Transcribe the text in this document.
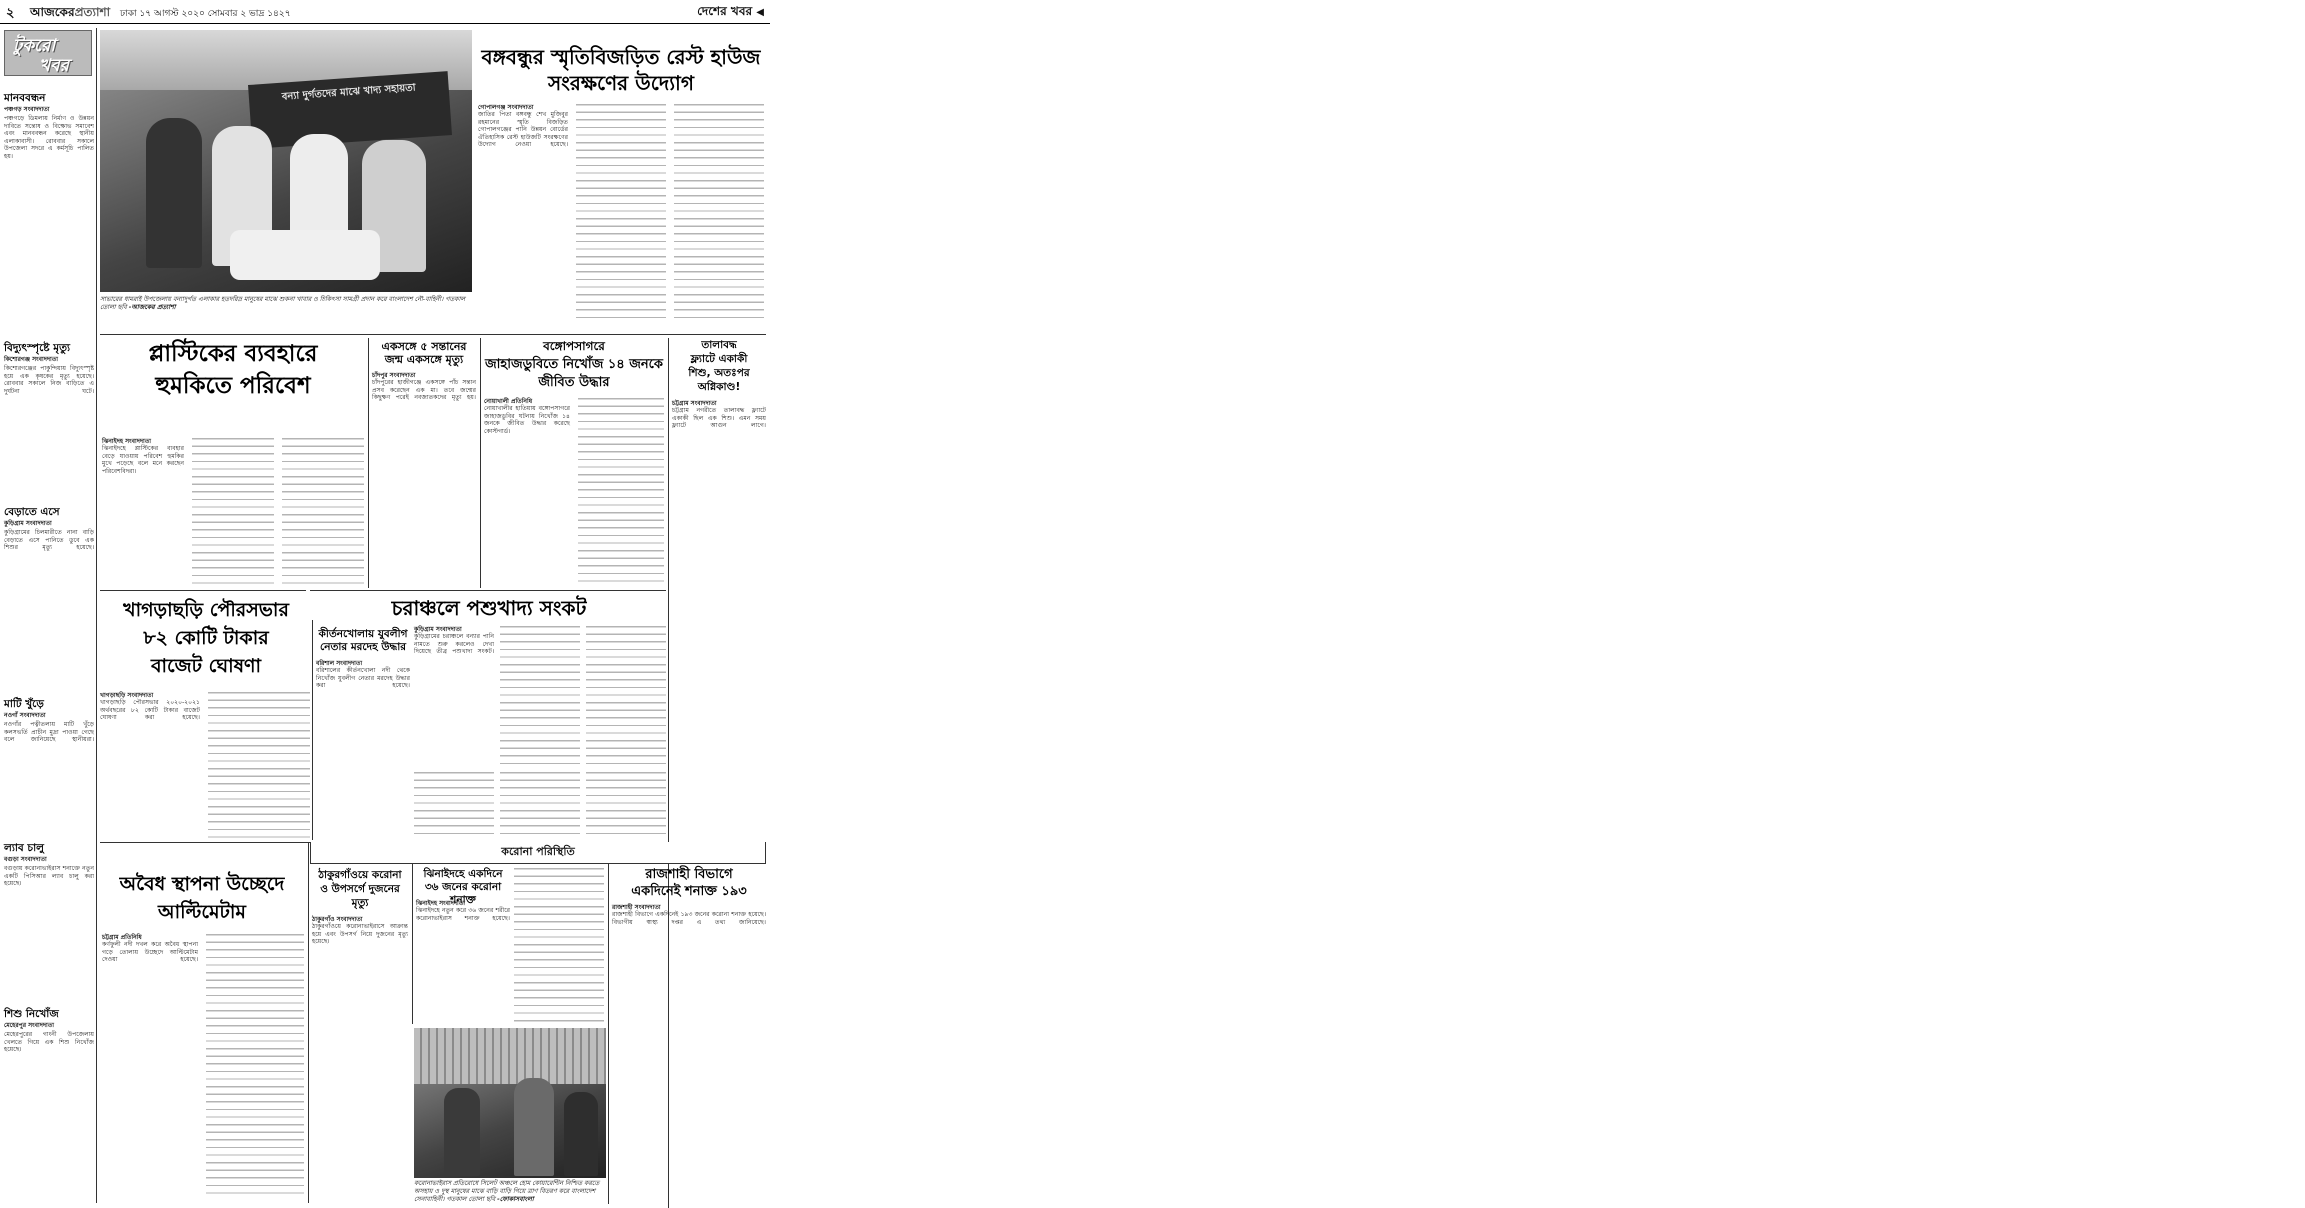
২ আজকেরপ্রত্যাশা ঢাকা ১৭ আগস্ট ২০২০ সোমবার ২ ভাদ্র ১৪২৭	দেশের খবর ◀
টুকরো
খবর
মানববন্ধন
পঞ্চগড় সংবাদদাতা
পঞ্চগড়ে ডিমলায় নির্মাণ ও উন্নয়ন দাবিতে সন্তোষ ও বিক্ষোভ সমাবেশ এবং মানববন্ধন করেছে স্থানীয় এলাকাবাসী। রোববার সকালে উপজেলা সদরে এ কর্মসূচি পালিত হয়। ▪▪▪▪▪▪▪▪▪▪▪▪▪▪▪▪▪▪▪▪▪▪▪▪▪▪▪▪▪▪▪▪▪▪▪▪▪▪▪▪▪▪▪▪▪▪▪▪▪▪▪▪▪▪▪▪▪▪▪▪▪▪▪▪▪▪▪▪▪▪▪▪▪▪▪▪▪▪▪▪▪▪▪▪▪▪▪▪▪▪▪▪▪▪▪▪▪▪▪▪▪▪▪▪▪▪▪▪▪▪▪▪▪▪▪▪▪▪▪▪▪▪▪▪▪▪▪▪▪▪▪▪▪▪▪▪▪▪▪▪▪▪▪▪▪▪▪▪▪▪▪▪▪▪▪▪▪▪▪▪▪▪▪▪▪▪▪▪▪▪▪▪▪▪▪▪▪▪▪▪▪▪▪▪▪▪▪▪▪▪▪▪▪▪▪▪▪▪▪▪▪▪▪▪▪▪▪▪▪▪▪▪▪▪▪▪▪▪▪▪▪▪▪▪▪▪▪▪▪
বিদ্যুৎস্পৃষ্টে মৃত্যু
কিশোরগঞ্জ সংবাদদাতা
কিশোরগঞ্জের পাকুন্দিয়ায় বিদ্যুৎস্পৃষ্ট হয়ে এক কৃষকের মৃত্যু হয়েছে। রোববার সকালে নিজ বাড়িতে এ দুর্ঘটনা ঘটে। ▪▪▪▪▪▪▪▪▪▪▪▪▪▪▪▪▪▪▪▪▪▪▪▪▪▪▪▪▪▪▪▪▪▪▪▪▪▪▪▪▪▪▪▪▪▪▪▪▪▪▪▪▪▪▪▪▪▪▪▪▪▪▪▪▪▪▪▪▪▪▪▪▪▪▪▪▪▪▪▪▪▪▪▪▪▪▪▪▪▪▪▪▪▪▪▪▪▪▪▪▪▪▪▪▪▪▪▪▪▪▪▪▪▪▪▪▪▪▪▪▪▪▪▪▪▪▪▪▪▪▪▪▪▪▪▪▪▪▪▪▪▪▪▪▪▪▪▪▪▪▪▪▪▪▪▪▪▪▪▪▪▪▪▪▪▪▪▪▪▪▪▪▪▪▪▪▪▪▪▪▪▪▪▪▪▪▪▪▪▪▪▪▪▪▪▪▪▪▪▪▪▪▪▪▪▪▪▪▪▪▪▪▪▪▪▪▪▪▪▪▪▪▪▪▪▪▪▪▪
বেড়াতে এসে
কুড়িগ্রাম সংবাদদাতা
কুড়িগ্রামের চিলমারীতে নানা বাড়ি বেড়াতে এসে পানিতে ডুবে এক শিশুর মৃত্যু হয়েছে। ▪▪▪▪▪▪▪▪▪▪▪▪▪▪▪▪▪▪▪▪▪▪▪▪▪▪▪▪▪▪▪▪▪▪▪▪▪▪▪▪▪▪▪▪▪▪▪▪▪▪▪▪▪▪▪▪▪▪▪▪▪▪▪▪▪▪▪▪▪▪▪▪▪▪▪▪▪▪▪▪▪▪▪▪▪▪▪▪▪▪▪▪▪▪▪▪▪▪▪▪▪▪▪▪▪▪▪▪▪▪▪▪▪▪▪▪▪▪▪▪▪▪▪▪▪▪▪▪▪▪▪▪▪▪▪▪▪▪▪▪▪▪▪▪▪▪▪▪▪▪▪▪▪▪▪▪▪▪▪▪▪▪▪▪▪▪▪▪▪▪▪▪▪▪▪▪▪▪▪▪▪▪▪▪▪▪▪▪▪▪▪▪▪▪▪▪▪▪▪▪▪▪▪▪▪▪▪▪▪▪▪▪▪▪▪▪▪▪▪▪▪▪▪▪▪▪▪▪▪
মাটি খুঁড়ে
নওগাঁ সংবাদদাতা
নওগাঁর পত্নীতলায় মাটি খুঁড়ে কলসভর্তি প্রাচীন মুদ্রা পাওয়া গেছে বলে জানিয়েছে স্থানীয়রা। ▪▪▪▪▪▪▪▪▪▪▪▪▪▪▪▪▪▪▪▪▪▪▪▪▪▪▪▪▪▪▪▪▪▪▪▪▪▪▪▪▪▪▪▪▪▪▪▪▪▪▪▪▪▪▪▪▪▪▪▪▪▪▪▪▪▪▪▪▪▪▪▪▪▪▪▪▪▪▪▪▪▪▪▪▪▪▪▪▪▪▪▪▪▪▪▪▪▪▪▪▪▪▪▪▪▪▪▪▪▪▪▪▪▪▪▪▪▪▪▪▪▪▪▪▪▪▪▪▪▪▪▪▪▪▪▪▪▪▪▪▪▪▪▪▪▪▪▪▪▪▪▪▪▪▪▪▪▪▪▪▪▪▪▪▪▪▪▪▪▪▪▪▪▪▪▪▪▪▪▪▪▪▪▪▪▪▪▪▪▪▪▪▪▪▪▪▪▪▪▪▪▪▪▪▪▪▪▪▪▪▪▪▪▪▪▪▪▪▪▪▪▪▪▪▪▪▪▪▪
ল্যাব চালু
বগুড়া সংবাদদাতা
বগুড়ায় করোনাভাইরাস শনাক্তে নতুন একটি পিসিআর ল্যাব চালু করা হয়েছে। ▪▪▪▪▪▪▪▪▪▪▪▪▪▪▪▪▪▪▪▪▪▪▪▪▪▪▪▪▪▪▪▪▪▪▪▪▪▪▪▪▪▪▪▪▪▪▪▪▪▪▪▪▪▪▪▪▪▪▪▪▪▪▪▪▪▪▪▪▪▪▪▪▪▪▪▪▪▪▪▪▪▪▪▪▪▪▪▪▪▪▪▪▪▪▪▪▪▪▪▪▪▪▪▪▪▪▪▪▪▪▪▪▪▪▪▪▪▪▪▪▪▪▪▪▪▪▪▪▪▪▪▪▪▪▪▪▪▪▪▪▪▪▪▪▪▪▪▪▪▪▪▪▪▪▪▪▪▪▪▪▪▪▪▪▪▪▪▪▪▪▪▪▪▪▪▪▪▪▪▪▪▪▪▪▪▪▪▪▪▪▪▪▪▪▪▪▪▪▪▪▪▪▪▪▪▪▪▪▪▪▪▪▪▪▪▪▪▪▪▪▪▪▪▪▪▪▪▪▪
শিশু নিখোঁজ
মেহেরপুর সংবাদদাতা
মেহেরপুরের গাংনী উপজেলায় খেলতে গিয়ে এক শিশু নিখোঁজ হয়েছে। ▪▪▪▪▪▪▪▪▪▪▪▪▪▪▪▪▪▪▪▪▪▪▪▪▪▪▪▪▪▪▪▪▪▪▪▪▪▪▪▪▪▪▪▪▪▪▪▪▪▪▪▪▪▪▪▪▪▪▪▪▪▪▪▪▪▪▪▪▪▪▪▪▪▪▪▪▪▪▪▪▪▪▪▪▪▪▪▪▪▪▪▪▪▪▪▪▪▪▪▪▪▪▪▪▪▪▪▪▪▪▪▪▪▪▪▪▪▪▪▪▪▪▪▪▪▪▪▪▪▪▪▪▪▪▪▪▪▪▪▪▪▪▪▪▪▪▪▪▪▪▪▪▪▪▪▪▪▪▪▪▪▪▪▪▪▪▪▪▪▪▪▪▪▪▪▪▪▪▪▪▪▪▪▪▪▪▪▪▪▪▪▪▪▪▪▪▪▪▪▪▪▪▪▪▪▪▪▪▪▪▪▪▪▪▪▪▪▪▪▪▪▪▪▪▪▪▪▪▪
বন্যা দুর্গতদের মাঝে খাদ্য সহায়তা
সাভারের ধামরাই উপজেলায় বন্যাদুর্গত এলাকার হতদরিদ্র মানুষের মাঝে শুকনা খাবার ও চিকিৎসা সামগ্রী প্রদান করে বাংলাদেশ নৌ-বাহিনী। গতকাল তোলা ছবি -আজকের প্রত্যাশা
বঙ্গবন্ধুর স্মৃতিবিজড়িত রেস্ট হাউজ সংরক্ষণের উদ্যোগ
গোপালগঞ্জ সংবাদদাতা
জাতির পিতা বঙ্গবন্ধু শেখ মুজিবুর রহমানের স্মৃতি বিজড়িত গোপালগঞ্জের পানি উন্নয়ন বোর্ডের ঐতিহাসিক রেস্ট হাউজটি সংরক্ষণের উদ্যোগ নেওয়া হয়েছে। ▪▪▪▪▪▪▪▪▪▪▪▪▪▪▪▪▪▪▪▪▪▪▪▪▪▪▪▪▪▪▪▪▪▪▪▪▪▪▪▪▪▪▪▪▪▪▪▪▪▪▪▪▪▪▪▪▪▪▪▪▪▪▪▪▪▪▪▪▪▪▪▪▪▪▪▪▪▪▪▪▪▪▪▪▪▪▪▪▪▪▪▪▪▪▪▪▪▪▪▪▪▪▪▪▪▪▪▪▪▪▪▪▪▪▪▪▪▪▪▪▪▪▪▪▪▪▪▪▪▪▪▪▪▪▪▪▪▪▪▪▪▪▪▪▪▪▪▪▪▪▪▪▪▪▪▪▪▪▪▪▪▪▪▪▪▪▪▪▪▪▪▪▪▪▪▪▪▪▪▪▪▪▪▪▪▪▪▪▪▪▪▪▪▪▪▪▪▪▪▪▪▪▪▪▪▪▪▪▪▪▪▪▪▪▪▪▪▪▪▪▪▪▪▪▪▪▪▪▪
প্লাস্টিকের ব্যবহারে
হুমকিতে পরিবেশ
ঝিনাইদহ সংবাদদাতা
ঝিনাইদহে প্লাস্টিকের ব্যবহার বেড়ে যাওয়ায় পরিবেশ হুমকির মুখে পড়েছে বলে মনে করছেন পরিবেশবিদরা। ▪▪▪▪▪▪▪▪▪▪▪▪▪▪▪▪▪▪▪▪▪▪▪▪▪▪▪▪▪▪▪▪▪▪▪▪▪▪▪▪▪▪▪▪▪▪▪▪▪▪▪▪▪▪▪▪▪▪▪▪▪▪▪▪▪▪▪▪▪▪▪▪▪▪▪▪▪▪▪▪▪▪▪▪▪▪▪▪▪▪▪▪▪▪▪▪▪▪▪▪▪▪▪▪▪▪▪▪▪▪▪▪▪▪▪▪▪▪▪▪▪▪▪▪▪▪▪▪▪▪▪▪▪▪▪▪▪▪▪▪▪▪▪▪▪▪▪▪▪▪▪▪▪▪▪▪▪▪▪▪▪▪▪▪▪▪▪▪▪▪▪▪▪▪▪▪▪▪▪▪▪▪▪▪▪▪▪▪▪▪▪▪▪▪▪▪▪▪▪▪▪▪▪▪▪▪▪▪▪▪▪▪▪▪▪▪▪▪▪▪▪▪▪▪▪▪▪▪▪
একসঙ্গে ৫ সন্তানের জন্ম একসঙ্গে মৃত্যু
চাঁদপুর সংবাদদাতা
চাঁদপুরের হাজীগঞ্জে একসঙ্গে পাঁচ সন্তান প্রসব করেছেন এক মা। তবে জন্মের কিছুক্ষণ পরেই নবজাতকদের মৃত্যু হয়। ▪▪▪▪▪▪▪▪▪▪▪▪▪▪▪▪▪▪▪▪▪▪▪▪▪▪▪▪▪▪▪▪▪▪▪▪▪▪▪▪▪▪▪▪▪▪▪▪▪▪▪▪▪▪▪▪▪▪▪▪▪▪▪▪▪▪▪▪▪▪▪▪▪▪▪▪▪▪▪▪▪▪▪▪▪▪▪▪▪▪▪▪▪▪▪▪▪▪▪▪▪▪▪▪▪▪▪▪▪▪▪▪▪▪▪▪▪▪▪▪▪▪▪▪▪▪▪▪▪▪▪▪▪▪▪▪▪▪▪▪▪▪▪▪▪▪▪▪▪▪▪▪▪▪▪▪▪▪▪▪▪▪▪▪▪▪▪▪▪▪▪▪▪▪▪▪▪▪▪▪▪▪▪▪▪▪▪▪▪▪▪▪▪▪▪▪▪▪▪▪▪▪▪▪▪▪▪▪▪▪▪▪▪▪▪▪▪▪▪▪▪▪▪▪▪▪▪▪▪
বঙ্গোপসাগরে
জাহাজডুবিতে নিখোঁজ ১৪ জনকে জীবিত উদ্ধার
নোয়াখালী প্রতিনিধি
নোয়াখালীর হাতিয়ায় বঙ্গোপসাগরে জাহাজডুবির ঘটনায় নিখোঁজ ১৪ জনকে জীবিত উদ্ধার করেছে কোস্টগার্ড। ▪▪▪▪▪▪▪▪▪▪▪▪▪▪▪▪▪▪▪▪▪▪▪▪▪▪▪▪▪▪▪▪▪▪▪▪▪▪▪▪▪▪▪▪▪▪▪▪▪▪▪▪▪▪▪▪▪▪▪▪▪▪▪▪▪▪▪▪▪▪▪▪▪▪▪▪▪▪▪▪▪▪▪▪▪▪▪▪▪▪▪▪▪▪▪▪▪▪▪▪▪▪▪▪▪▪▪▪▪▪▪▪▪▪▪▪▪▪▪▪▪▪▪▪▪▪▪▪▪▪▪▪▪▪▪▪▪▪▪▪▪▪▪▪▪▪▪▪▪▪▪▪▪▪▪▪▪▪▪▪▪▪▪▪▪▪▪▪▪▪▪▪▪▪▪▪▪▪▪▪▪▪▪▪▪▪▪▪▪▪▪▪▪▪▪▪▪▪▪▪▪▪▪▪▪▪▪▪▪▪▪▪▪▪▪▪▪▪▪▪▪▪▪▪▪▪▪▪▪
তালাবদ্ধ
ফ্ল্যাটে একাকী
শিশু, অতঃপর
অগ্নিকাণ্ড!
চট্টগ্রাম সংবাদদাতা
চট্টগ্রাম নগরীতে তালাবদ্ধ ফ্ল্যাটে একাকী ছিল এক শিশু। এমন সময় ফ্ল্যাটে আগুন লাগে। ▪▪▪▪▪▪▪▪▪▪▪▪▪▪▪▪▪▪▪▪▪▪▪▪▪▪▪▪▪▪▪▪▪▪▪▪▪▪▪▪▪▪▪▪▪▪▪▪▪▪▪▪▪▪▪▪▪▪▪▪▪▪▪▪▪▪▪▪▪▪▪▪▪▪▪▪▪▪▪▪▪▪▪▪▪▪▪▪▪▪▪▪▪▪▪▪▪▪▪▪▪▪▪▪▪▪▪▪▪▪▪▪▪▪▪▪▪▪▪▪▪▪▪▪▪▪▪▪▪▪▪▪▪▪▪▪▪▪▪▪▪▪▪▪▪▪▪▪▪▪▪▪▪▪▪▪▪▪▪▪▪▪▪▪▪▪▪▪▪▪▪▪▪▪▪▪▪▪▪▪▪▪▪▪▪▪▪▪▪▪▪▪▪▪▪▪▪▪▪▪▪▪▪▪▪▪▪▪▪▪▪▪▪▪▪▪▪▪▪▪▪▪▪▪▪▪▪▪▪
চরাঞ্চলে পশুখাদ্য সংকট
কুড়িগ্রাম সংবাদদাতা
কুড়িগ্রামের চরাঞ্চলে বন্যার পানি নামতে শুরু করলেও দেখা দিয়েছে তীব্র পশুখাদ্য সংকট। ▪▪▪▪▪▪▪▪▪▪▪▪▪▪▪▪▪▪▪▪▪▪▪▪▪▪▪▪▪▪▪▪▪▪▪▪▪▪▪▪▪▪▪▪▪▪▪▪▪▪▪▪▪▪▪▪▪▪▪▪▪▪▪▪▪▪▪▪▪▪▪▪▪▪▪▪▪▪▪▪▪▪▪▪▪▪▪▪▪▪▪▪▪▪▪▪▪▪▪▪▪▪▪▪▪▪▪▪▪▪▪▪▪▪▪▪▪▪▪▪▪▪▪▪▪▪▪▪▪▪▪▪▪▪▪▪▪▪▪▪▪▪▪▪▪▪▪▪▪▪▪▪▪▪▪▪▪▪▪▪▪▪▪▪▪▪▪▪▪▪▪▪▪▪▪▪▪▪▪▪▪▪▪▪▪▪▪▪▪▪▪▪▪▪▪▪▪▪▪▪▪▪▪▪▪▪▪▪▪▪▪▪▪▪▪▪▪▪▪▪▪▪▪▪▪▪▪▪▪
খাগড়াছড়ি পৌরসভার
৮২ কোটি টাকার
বাজেট ঘোষণা
খাগড়াছড়ি সংবাদদাতা
খাগড়াছড়ি পৌরসভার ২০২০-২০২১ অর্থবছরের ৮২ কোটি টাকার বাজেট ঘোষণা করা হয়েছে। ▪▪▪▪▪▪▪▪▪▪▪▪▪▪▪▪▪▪▪▪▪▪▪▪▪▪▪▪▪▪▪▪▪▪▪▪▪▪▪▪▪▪▪▪▪▪▪▪▪▪▪▪▪▪▪▪▪▪▪▪▪▪▪▪▪▪▪▪▪▪▪▪▪▪▪▪▪▪▪▪▪▪▪▪▪▪▪▪▪▪▪▪▪▪▪▪▪▪▪▪▪▪▪▪▪▪▪▪▪▪▪▪▪▪▪▪▪▪▪▪▪▪▪▪▪▪▪▪▪▪▪▪▪▪▪▪▪▪▪▪▪▪▪▪▪▪▪▪▪▪▪▪▪▪▪▪▪▪▪▪▪▪▪▪▪▪▪▪▪▪▪▪▪▪▪▪▪▪▪▪▪▪▪▪▪▪▪▪▪▪▪▪▪▪▪▪▪▪▪▪▪▪▪▪▪▪▪▪▪▪▪▪▪▪▪▪▪▪▪▪▪▪▪▪▪▪▪▪▪
কীর্তনখোলায় যুবলীগ নেতার মরদেহ উদ্ধার
বরিশাল সংবাদদাতা
বরিশালের কীর্তনখোলা নদী থেকে নিখোঁজ যুবলীগ নেতার মরদেহ উদ্ধার করা হয়েছে। ▪▪▪▪▪▪▪▪▪▪▪▪▪▪▪▪▪▪▪▪▪▪▪▪▪▪▪▪▪▪▪▪▪▪▪▪▪▪▪▪▪▪▪▪▪▪▪▪▪▪▪▪▪▪▪▪▪▪▪▪▪▪▪▪▪▪▪▪▪▪▪▪▪▪▪▪▪▪▪▪▪▪▪▪▪▪▪▪▪▪▪▪▪▪▪▪▪▪▪▪▪▪▪▪▪▪▪▪▪▪▪▪▪▪▪▪▪▪▪▪▪▪▪▪▪▪▪▪▪▪▪▪▪▪▪▪▪▪▪▪▪▪▪▪▪▪▪▪▪▪▪▪▪▪▪▪▪▪▪▪▪▪▪▪▪▪▪▪▪▪▪▪▪▪▪▪▪▪▪▪▪▪▪▪▪▪▪▪▪▪▪▪▪▪▪▪▪▪▪▪▪▪▪▪▪▪▪▪▪▪▪▪▪▪▪▪▪▪▪▪▪▪▪▪▪▪▪▪▪
অবৈধ স্থাপনা উচ্ছেদে
আল্টিমেটাম
চট্টগ্রাম প্রতিনিধি
কর্ণফুলী নদী দখল করে অবৈধ স্থাপনা গড়ে তোলায় উচ্ছেদে আল্টিমেটাম দেওয়া হয়েছে। ▪▪▪▪▪▪▪▪▪▪▪▪▪▪▪▪▪▪▪▪▪▪▪▪▪▪▪▪▪▪▪▪▪▪▪▪▪▪▪▪▪▪▪▪▪▪▪▪▪▪▪▪▪▪▪▪▪▪▪▪▪▪▪▪▪▪▪▪▪▪▪▪▪▪▪▪▪▪▪▪▪▪▪▪▪▪▪▪▪▪▪▪▪▪▪▪▪▪▪▪▪▪▪▪▪▪▪▪▪▪▪▪▪▪▪▪▪▪▪▪▪▪▪▪▪▪▪▪▪▪▪▪▪▪▪▪▪▪▪▪▪▪▪▪▪▪▪▪▪▪▪▪▪▪▪▪▪▪▪▪▪▪▪▪▪▪▪▪▪▪▪▪▪▪▪▪▪▪▪▪▪▪▪▪▪▪▪▪▪▪▪▪▪▪▪▪▪▪▪▪▪▪▪▪▪▪▪▪▪▪▪▪▪▪▪▪▪▪▪▪▪▪▪▪▪▪▪▪▪
করোনা পরিস্থিতি
ঠাকুরগাঁওয়ে করোনা
ও উপসর্গে দুজনের
মৃত্যু
ঠাকুরগাঁও সংবাদদাতা
ঠাকুরগাঁওয়ে করোনাভাইরাসে আক্রান্ত হয়ে এবং উপসর্গ নিয়ে দুজনের মৃত্যু হয়েছে। ▪▪▪▪▪▪▪▪▪▪▪▪▪▪▪▪▪▪▪▪▪▪▪▪▪▪▪▪▪▪▪▪▪▪▪▪▪▪▪▪▪▪▪▪▪▪▪▪▪▪▪▪▪▪▪▪▪▪▪▪▪▪▪▪▪▪▪▪▪▪▪▪▪▪▪▪▪▪▪▪▪▪▪▪▪▪▪▪▪▪▪▪▪▪▪▪▪▪▪▪▪▪▪▪▪▪▪▪▪▪▪▪▪▪▪▪▪▪▪▪▪▪▪▪▪▪▪▪▪▪▪▪▪▪▪▪▪▪▪▪▪▪▪▪▪▪▪▪▪▪▪▪▪▪▪▪▪▪▪▪▪▪▪▪▪▪▪▪▪▪▪▪▪▪▪▪▪▪▪▪▪▪▪▪▪▪▪▪▪▪▪▪▪▪▪▪▪▪▪▪▪▪▪▪▪▪▪▪▪▪▪▪▪▪▪▪▪▪▪▪▪▪▪▪▪▪▪▪▪
ঝিনাইদহে একদিনে ৩৬ জনের করোনা শনাক্ত
ঝিনাইদহ সংবাদদাতা
ঝিনাইদহে নতুন করে ৩৬ জনের শরীরে করোনাভাইরাস শনাক্ত হয়েছে। ▪▪▪▪▪▪▪▪▪▪▪▪▪▪▪▪▪▪▪▪▪▪▪▪▪▪▪▪▪▪▪▪▪▪▪▪▪▪▪▪▪▪▪▪▪▪▪▪▪▪▪▪▪▪▪▪▪▪▪▪▪▪▪▪▪▪▪▪▪▪▪▪▪▪▪▪▪▪▪▪▪▪▪▪▪▪▪▪▪▪▪▪▪▪▪▪▪▪▪▪▪▪▪▪▪▪▪▪▪▪▪▪▪▪▪▪▪▪▪▪▪▪▪▪▪▪▪▪▪▪▪▪▪▪▪▪▪▪▪▪▪▪▪▪▪▪▪▪▪▪▪▪▪▪▪▪▪▪▪▪▪▪▪▪▪▪▪▪▪▪▪▪▪▪▪▪▪▪▪▪▪▪▪▪▪▪▪▪▪▪▪▪▪▪▪▪▪▪▪▪▪▪▪▪▪▪▪▪▪▪▪▪▪▪▪▪▪▪▪▪▪▪▪▪▪▪▪▪▪
রাজশাহী বিভাগে
একদিনেই শনাক্ত ১৯৩
রাজশাহী সংবাদদাতা
রাজশাহী বিভাগে একদিনেই ১৯৩ জনের করোনা শনাক্ত হয়েছে। বিভাগীয় স্বাস্থ্য দপ্তর এ তথ্য জানিয়েছে। ▪▪▪▪▪▪▪▪▪▪▪▪▪▪▪▪▪▪▪▪▪▪▪▪▪▪▪▪▪▪▪▪▪▪▪▪▪▪▪▪▪▪▪▪▪▪▪▪▪▪▪▪▪▪▪▪▪▪▪▪▪▪▪▪▪▪▪▪▪▪▪▪▪▪▪▪▪▪▪▪▪▪▪▪▪▪▪▪▪▪▪▪▪▪▪▪▪▪▪▪▪▪▪▪▪▪▪▪▪▪▪▪▪▪▪▪▪▪▪▪▪▪▪▪▪▪▪▪▪▪▪▪▪▪▪▪▪▪▪▪▪▪▪▪▪▪▪▪▪▪▪▪▪▪▪▪▪▪▪▪▪▪▪▪▪▪▪▪▪▪▪▪▪▪▪▪▪▪▪▪▪▪▪▪▪▪▪▪▪▪▪▪▪▪▪▪▪▪▪▪▪▪▪▪▪▪▪▪▪▪▪▪▪▪▪▪▪▪▪▪▪▪▪▪▪▪▪▪▪
করোনাভাইরাস প্রতিরোধে সিলেট অঞ্চলে হোম কোয়ারেন্টিন নিশ্চিত করতে অসহায় ও দুস্থ মানুষের মাঝে বাড়ি বাড়ি গিয়ে ত্রাণ বিতরণ করে বাংলাদেশ সেনাবাহিনী। গতকাল তোলা ছবি -ফোকাসবাংলা
